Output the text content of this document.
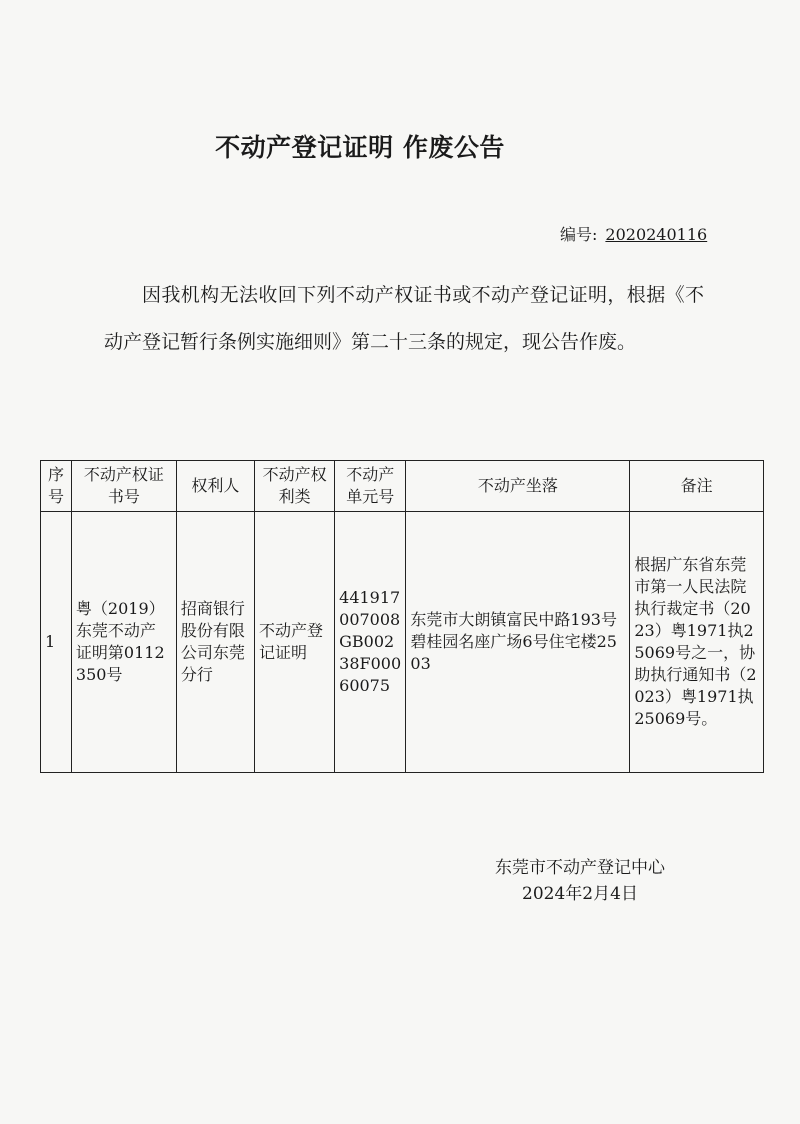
不动产登记证明 作废公告
编号: 2020240116
因我机构无法收回下列不动产权证书或不动产登记证明，根据《不动产登记暂行条例实施细则》第二十三条的规定，现公告作废。
序号	不动产权证书号	权利人	不动产权利类	不动产单元号	不动产坐落	备注
1	粤（2019）东莞不动产证明第0112350号	招商银行股份有限公司东莞分行	不动产登记证明	441917007008GB00238F00060075	东莞市大朗镇富民中路193号碧桂园名座广场6号住宅楼2503	根据广东省东莞市第一人民法院执行裁定书（2023）粤1971执25069号之一，协助执行通知书（2023）粤1971执25069号。
东莞市不动产登记中心
2024年2月4日
